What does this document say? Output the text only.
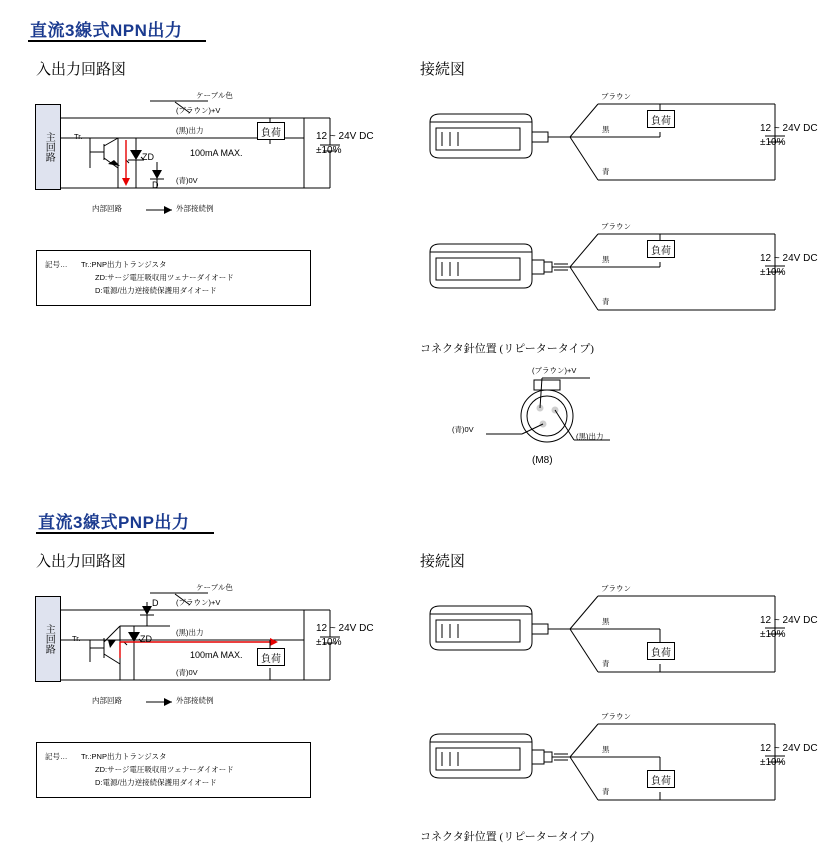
直流3線式NPN出力
入出力回路図	接続図
主回路	負荷
ケーブル色
(ブラウン)+V
(黒)出力
(青)0V
100mA MAX.
Tr.
ZD
D
12 ~ 24V DC
±10%
内部回路	外部接続例
記号… Tr.:PNP出力トランジスタ
ZD:サージ電圧吸収用ツェナーダイオード
D:電源/出力逆接続保護用ダイオード
負荷
ブラウン
黒
青
12 ~ 24V DC
±10%
負荷
ブラウン
黒
青
12 ~ 24V DC
±10%
コネクタ針位置 (リピータータイプ)
(ブラウン)+V
(青)0V
(黒)出力
(M8)
直流3線式PNP出力
入出力回路図	接続図
主回路
負荷
ケーブル色
(ブラウン)+V
(黒)出力
(青)0V
100mA MAX.
Tr.	ZD
D
12 ~ 24V DC
±10%
内部回路	外部接続例
記号… Tr.:PNP出力トランジスタ
ZD:サージ電圧吸収用ツェナーダイオード
D:電源/出力逆接続保護用ダイオード
負荷
ブラウン
黒
青
12 ~ 24V DC
±10%
負荷
ブラウン
黒
青
12 ~ 24V DC
±10%
コネクタ針位置 (リピータータイプ)
